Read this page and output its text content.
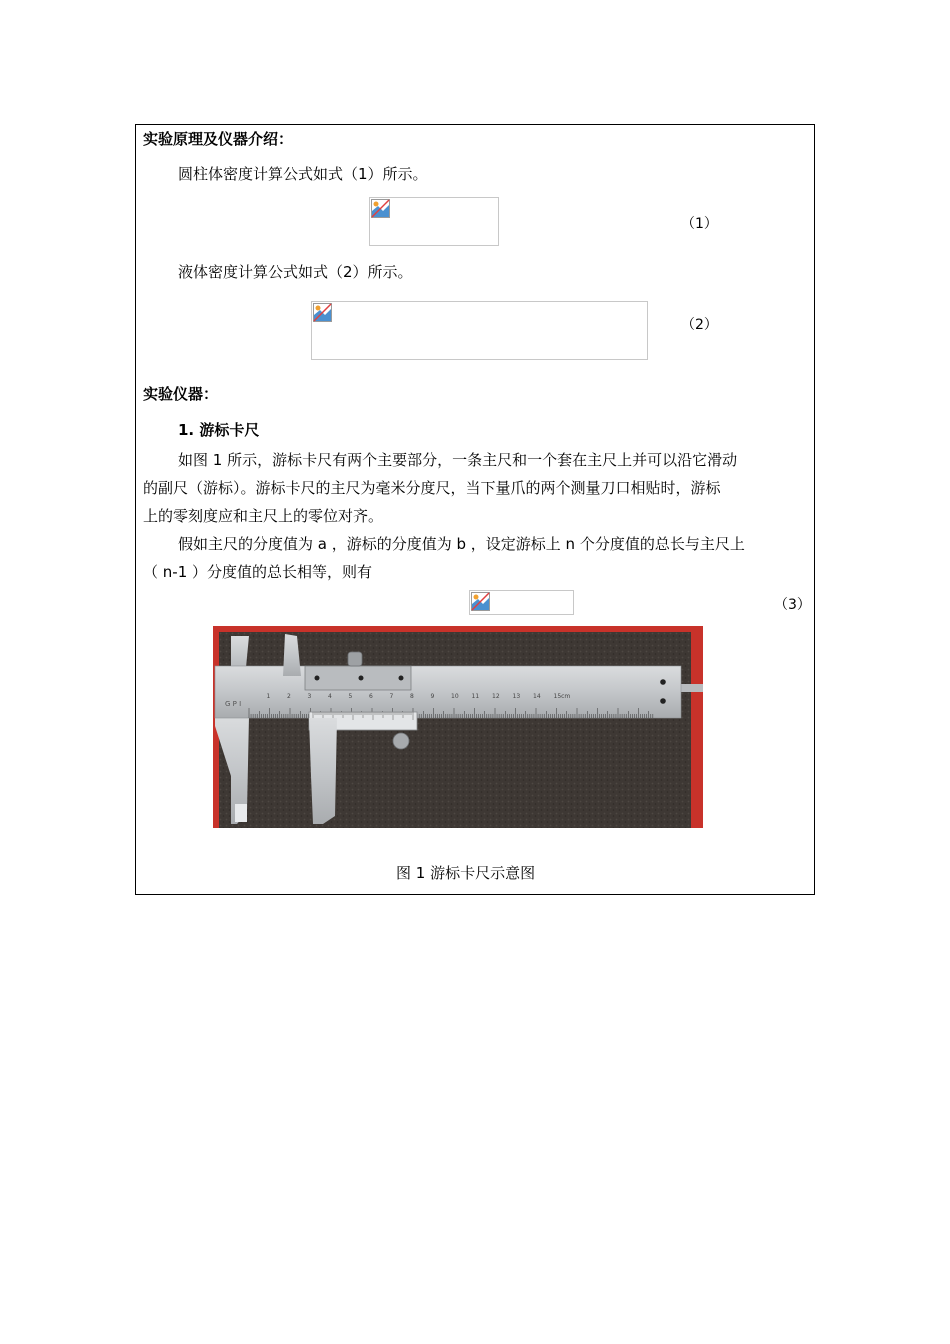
实验原理及仪器介绍：
圆柱体密度计算公式如式（1）所示。
（1）
液体密度计算公式如式（2）所示。
（2）
实验仪器：
1. 游标卡尺
如图 1 所示，游标卡尺有两个主要部分，一条主尺和一个套在主尺上并可以沿它滑动
的副尺（游标）。游标卡尺的主尺为毫米分度尺，当下量爪的两个测量刀口相贴时，游标
上的零刻度应和主尺上的零位对齐。
假如主尺的分度值为 a ，游标的分度值为 b ，设定游标上 n 个分度值的总长与主尺上
（ n-1 ）分度值的总长相等，则有
（3）
1	2	3	4	5	6	7	8	9	10 11 12 13 14 15cm
G P I
图 1 游标卡尺示意图
